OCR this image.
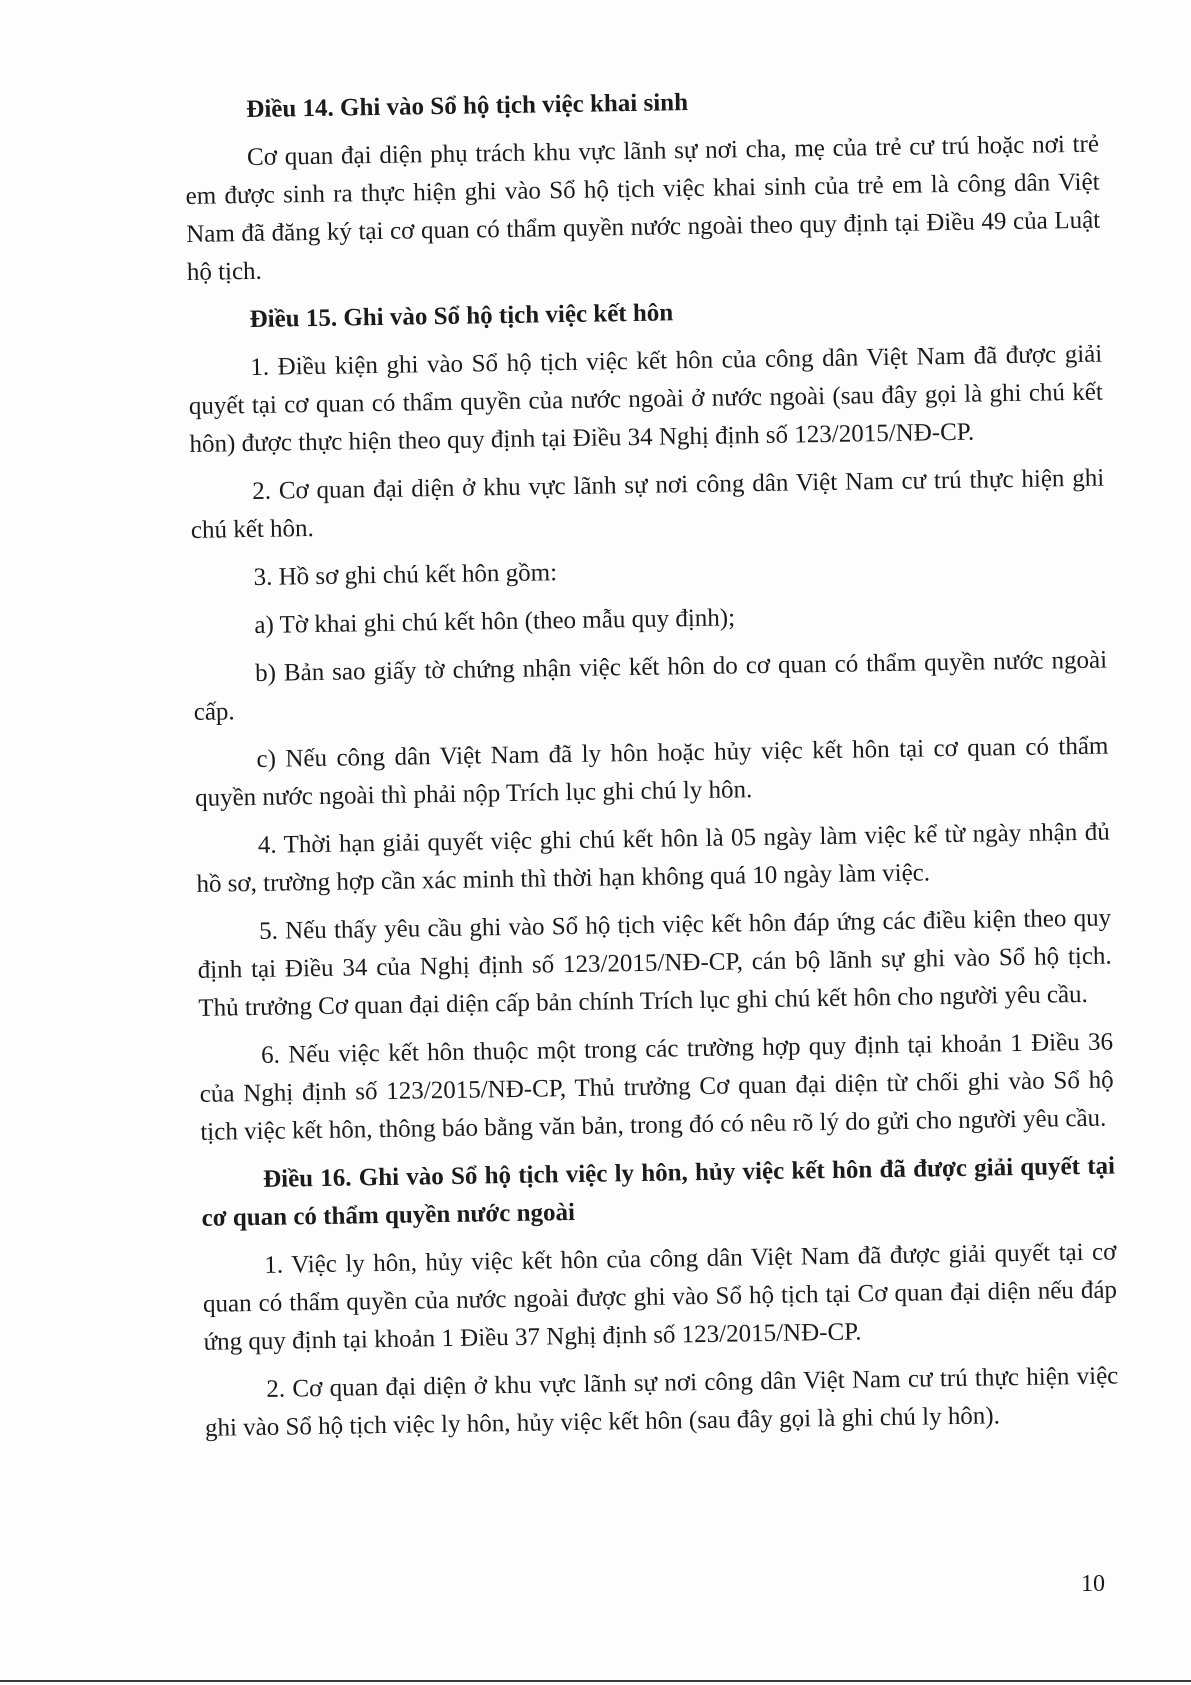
Điều 14. Ghi vào Sổ hộ tịch việc khai sinh

Cơ quan đại diện phụ trách khu vực lãnh sự nơi cha, mẹ của trẻ cư trú hoặc nơi trẻ em được sinh ra thực hiện ghi vào Sổ hộ tịch việc khai sinh của trẻ em là công dân Việt Nam đã đăng ký tại cơ quan có thẩm quyền nước ngoài theo quy định tại Điều 49 của Luật hộ tịch.

Điều 15. Ghi vào Sổ hộ tịch việc kết hôn

1. Điều kiện ghi vào Sổ hộ tịch việc kết hôn của công dân Việt Nam đã được giải quyết tại cơ quan có thẩm quyền của nước ngoài ở nước ngoài (sau đây gọi là ghi chú kết hôn) được thực hiện theo quy định tại Điều 34 Nghị định số 123/2015/NĐ-CP.

2. Cơ quan đại diện ở khu vực lãnh sự nơi công dân Việt Nam cư trú thực hiện ghi chú kết hôn.

3. Hồ sơ ghi chú kết hôn gồm:

a) Tờ khai ghi chú kết hôn (theo mẫu quy định);

b) Bản sao giấy tờ chứng nhận việc kết hôn do cơ quan có thẩm quyền nước ngoài cấp.

c) Nếu công dân Việt Nam đã ly hôn hoặc hủy việc kết hôn tại cơ quan có thẩm quyền nước ngoài thì phải nộp Trích lục ghi chú ly hôn.

4. Thời hạn giải quyết việc ghi chú kết hôn là 05 ngày làm việc kể từ ngày nhận đủ hồ sơ, trường hợp cần xác minh thì thời hạn không quá 10 ngày làm việc.

5. Nếu thấy yêu cầu ghi vào Sổ hộ tịch việc kết hôn đáp ứng các điều kiện theo quy định tại Điều 34 của Nghị định số 123/2015/NĐ-CP, cán bộ lãnh sự ghi vào Sổ hộ tịch. Thủ trưởng Cơ quan đại diện cấp bản chính Trích lục ghi chú kết hôn cho người yêu cầu.

6. Nếu việc kết hôn thuộc một trong các trường hợp quy định tại khoản 1 Điều 36 của Nghị định số 123/2015/NĐ-CP, Thủ trưởng Cơ quan đại diện từ chối ghi vào Sổ hộ tịch việc kết hôn, thông báo bằng văn bản, trong đó có nêu rõ lý do gửi cho người yêu cầu.

Điều 16. Ghi vào Sổ hộ tịch việc ly hôn, hủy việc kết hôn đã được giải quyết tại cơ quan có thẩm quyền nước ngoài

1. Việc ly hôn, hủy việc kết hôn của công dân Việt Nam đã được giải quyết tại cơ quan có thẩm quyền của nước ngoài được ghi vào Sổ hộ tịch tại Cơ quan đại diện nếu đáp ứng quy định tại khoản 1 Điều 37 Nghị định số 123/2015/NĐ-CP.

2. Cơ quan đại diện ở khu vực lãnh sự nơi công dân Việt Nam cư trú thực hiện việc ghi vào Sổ hộ tịch việc ly hôn, hủy việc kết hôn (sau đây gọi là ghi chú ly hôn).

10
